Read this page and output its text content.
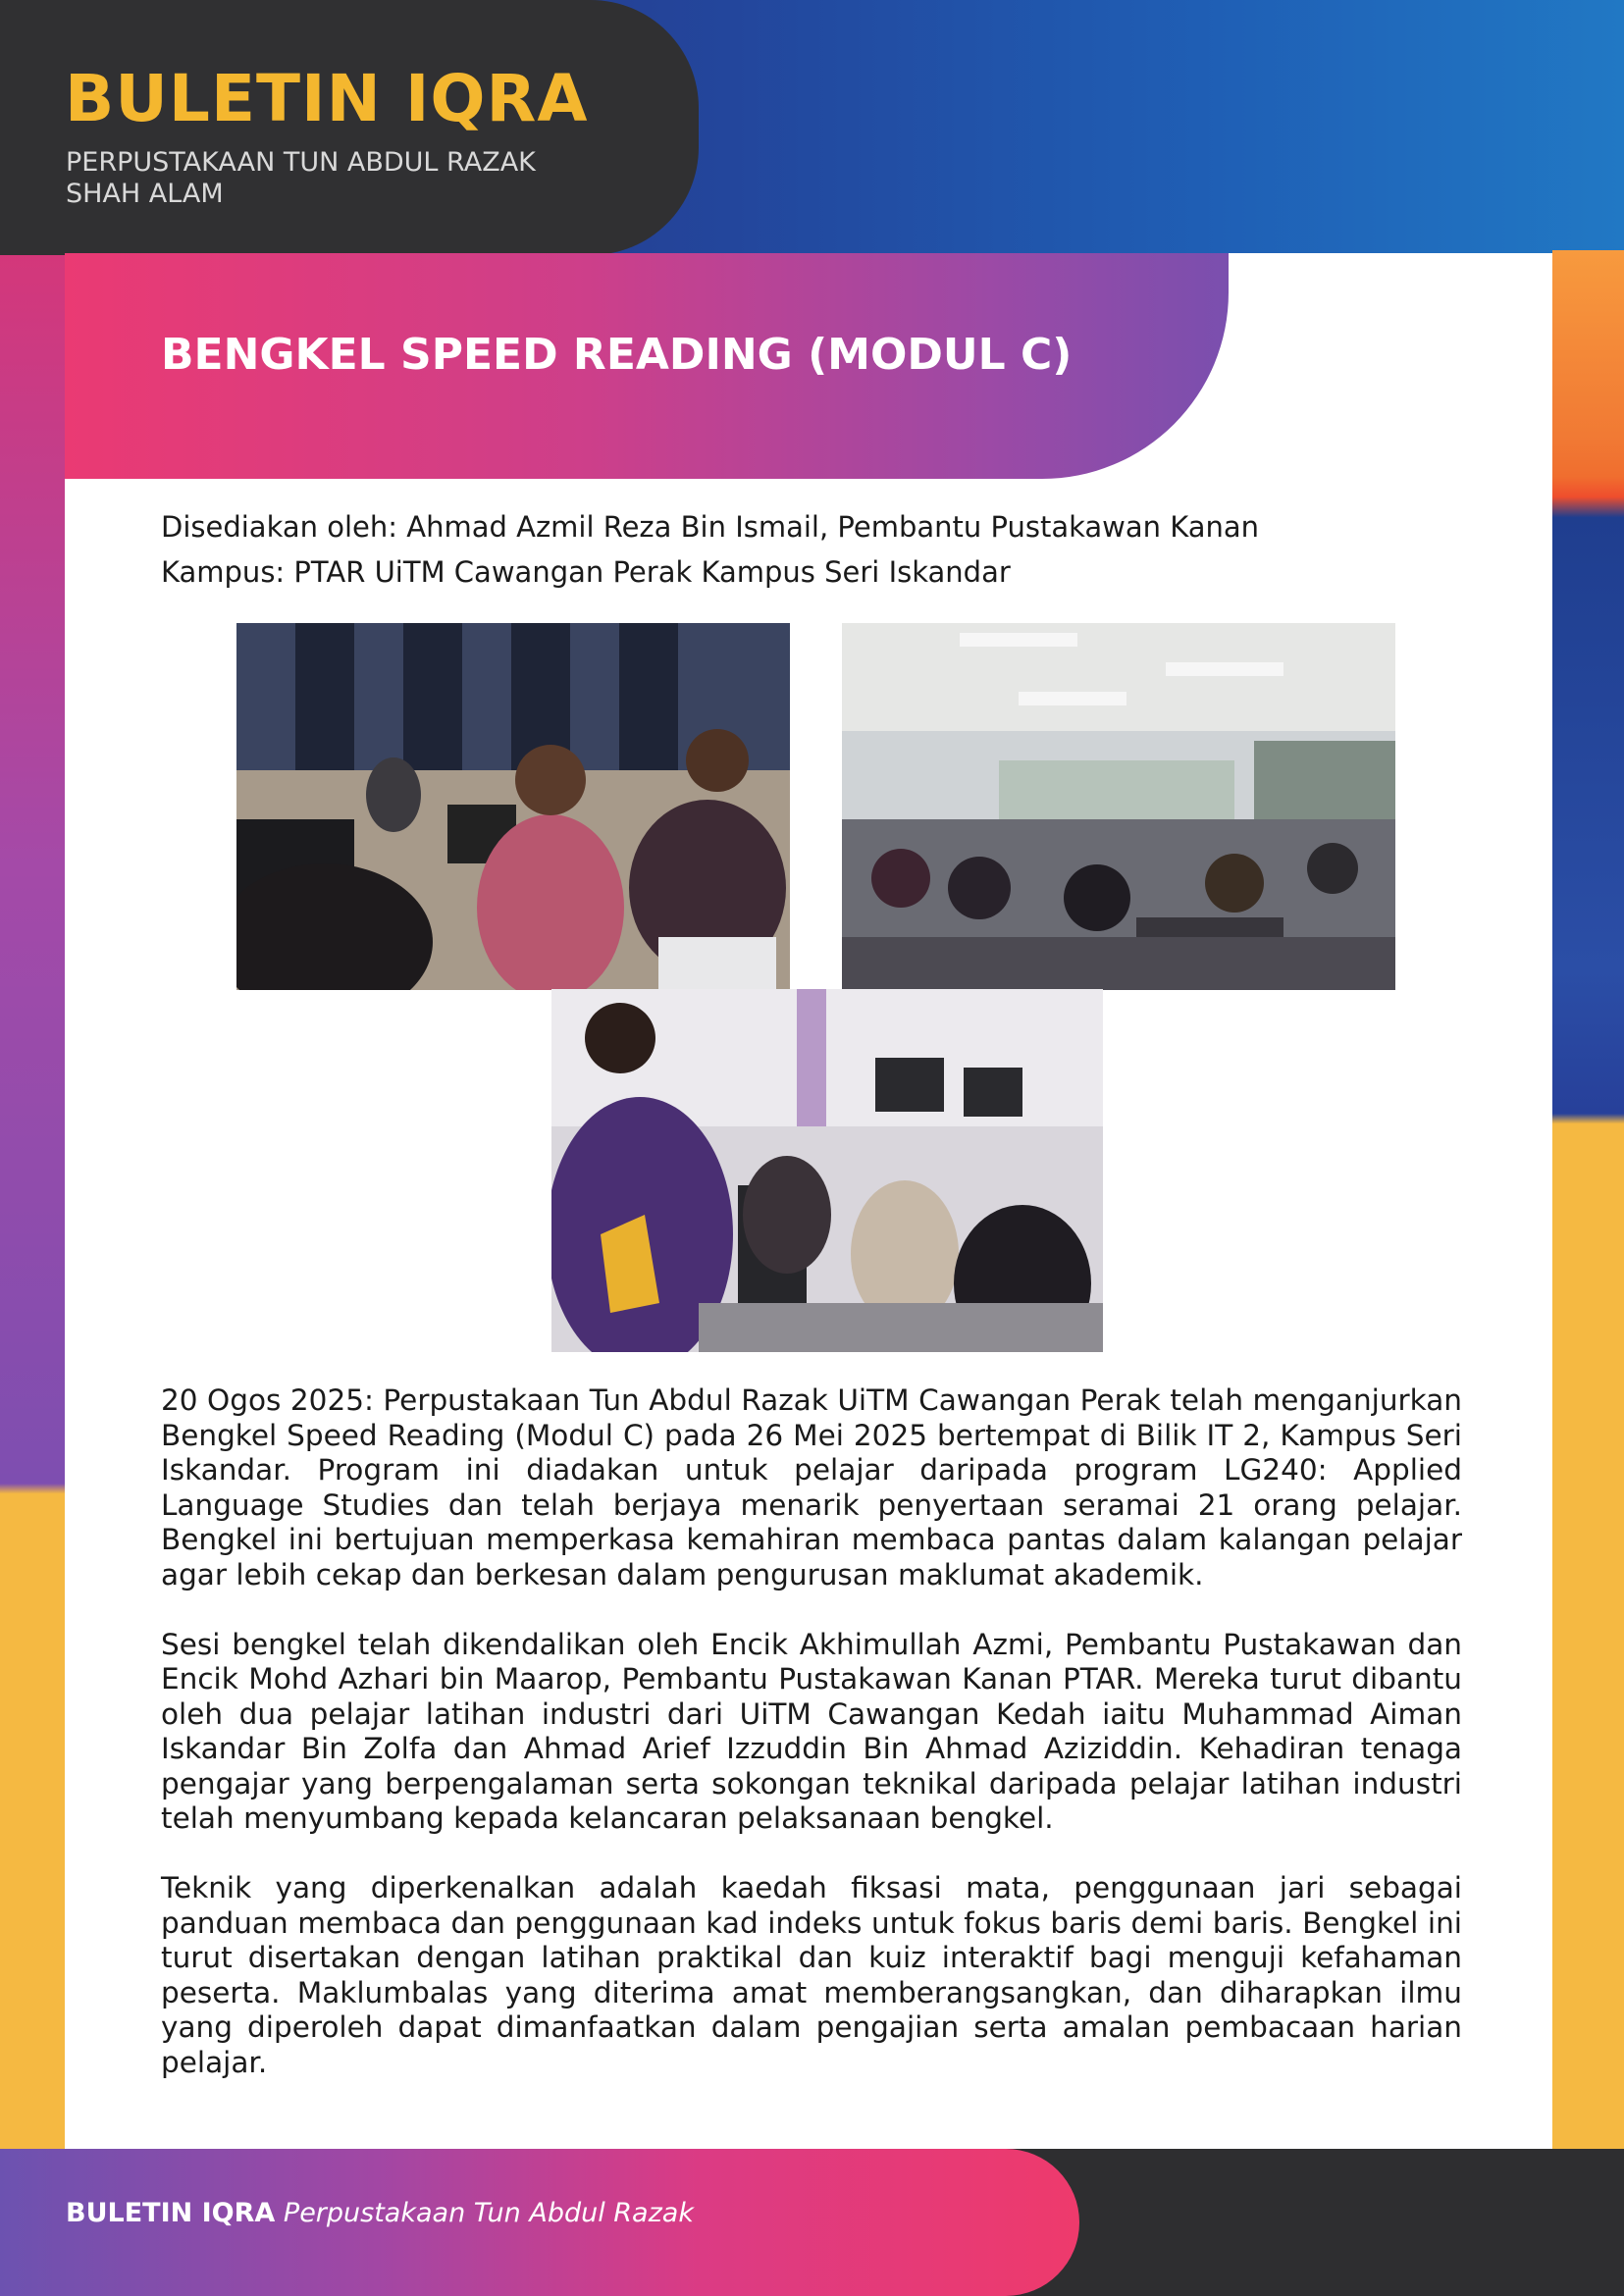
BULETIN IQRA
PERPUSTAKAAN TUN ABDUL RAZAK
SHAH ALAM
BENGKEL SPEED READING (MODUL C)
Disediakan oleh: Ahmad Azmil Reza Bin Ismail, Pembantu Pustakawan Kanan
Kampus: PTAR UiTM Cawangan Perak Kampus Seri Iskandar

20 Ogos 2025: Perpustakaan Tun Abdul Razak UiTM Cawangan Perak telah menganjurkan Bengkel Speed Reading (Modul C) pada 26 Mei 2025 bertempat di Bilik IT 2, Kampus Seri Iskandar. Program ini diadakan untuk pelajar daripada program LG240: Applied Language Studies dan telah berjaya menarik penyertaan seramai 21 orang pelajar. Bengkel ini bertujuan memperkasa kemahiran membaca pantas dalam kalangan pelajar agar lebih cekap dan berkesan dalam pengurusan maklumat akademik.

Sesi bengkel telah dikendalikan oleh Encik Akhimullah Azmi, Pembantu Pustakawan dan Encik Mohd Azhari bin Maarop, Pembantu Pustakawan Kanan PTAR. Mereka turut dibantu oleh dua pelajar latihan industri dari UiTM Cawangan Kedah iaitu Muhammad Aiman Iskandar Bin Zolfa dan Ahmad Arief Izzuddin Bin Ahmad Aziziddin. Kehadiran tenaga pengajar yang berpengalaman serta sokongan teknikal daripada pelajar latihan industri telah menyumbang kepada kelancaran pelaksanaan bengkel.

Teknik yang diperkenalkan adalah kaedah fiksasi mata, penggunaan jari sebagai panduan membaca dan penggunaan kad indeks untuk fokus baris demi baris. Bengkel ini turut disertakan dengan latihan praktikal dan kuiz interaktif bagi menguji kefahaman peserta. Maklumbalas yang diterima amat memberangsangkan, dan diharapkan ilmu yang diperoleh dapat dimanfaatkan dalam pengajian serta amalan pembacaan harian pelajar.

BULETIN IQRA Perpustakaan Tun Abdul Razak
